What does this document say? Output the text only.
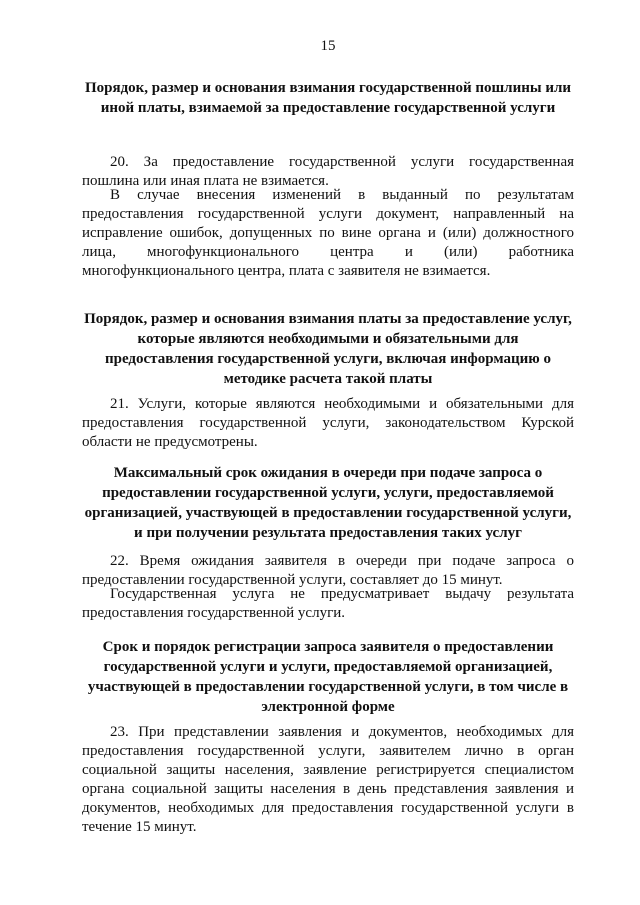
15
Порядок, размер и основания взимания государственной пошлины или иной платы, взимаемой за предоставление государственной услуги
20. За предоставление государственной услуги государственная пошлина или иная плата не взимается.
В случае внесения изменений в выданный по результатам предоставления государственной услуги документ, направленный на исправление ошибок, допущенных по вине органа и (или) должностного лица, многофункционального центра и (или) работника многофункционального центра, плата с заявителя не взимается.
Порядок, размер и основания взимания платы за предоставление услуг, которые являются необходимыми и обязательными для предоставления государственной услуги, включая информацию о методике расчета такой платы
21. Услуги, которые являются необходимыми и обязательными для предоставления государственной услуги, законодательством Курской области не предусмотрены.
Максимальный срок ожидания в очереди при подаче запроса о предоставлении государственной услуги, услуги, предоставляемой организацией, участвующей в предоставлении государственной услуги, и при получении результата предоставления таких услуг
22. Время ожидания заявителя в очереди при подаче запроса о предоставлении государственной услуги, составляет до 15 минут.
Государственная услуга не предусматривает выдачу результата предоставления государственной услуги.
Срок и порядок регистрации запроса заявителя о предоставлении государственной услуги и услуги, предоставляемой организацией, участвующей в предоставлении государственной услуги, в том числе в электронной форме
23. При представлении заявления и документов, необходимых для предоставления государственной услуги, заявителем лично в орган социальной защиты населения, заявление регистрируется специалистом органа социальной защиты населения в день представления заявления и документов, необходимых для предоставления государственной услуги в течение 15 минут.
